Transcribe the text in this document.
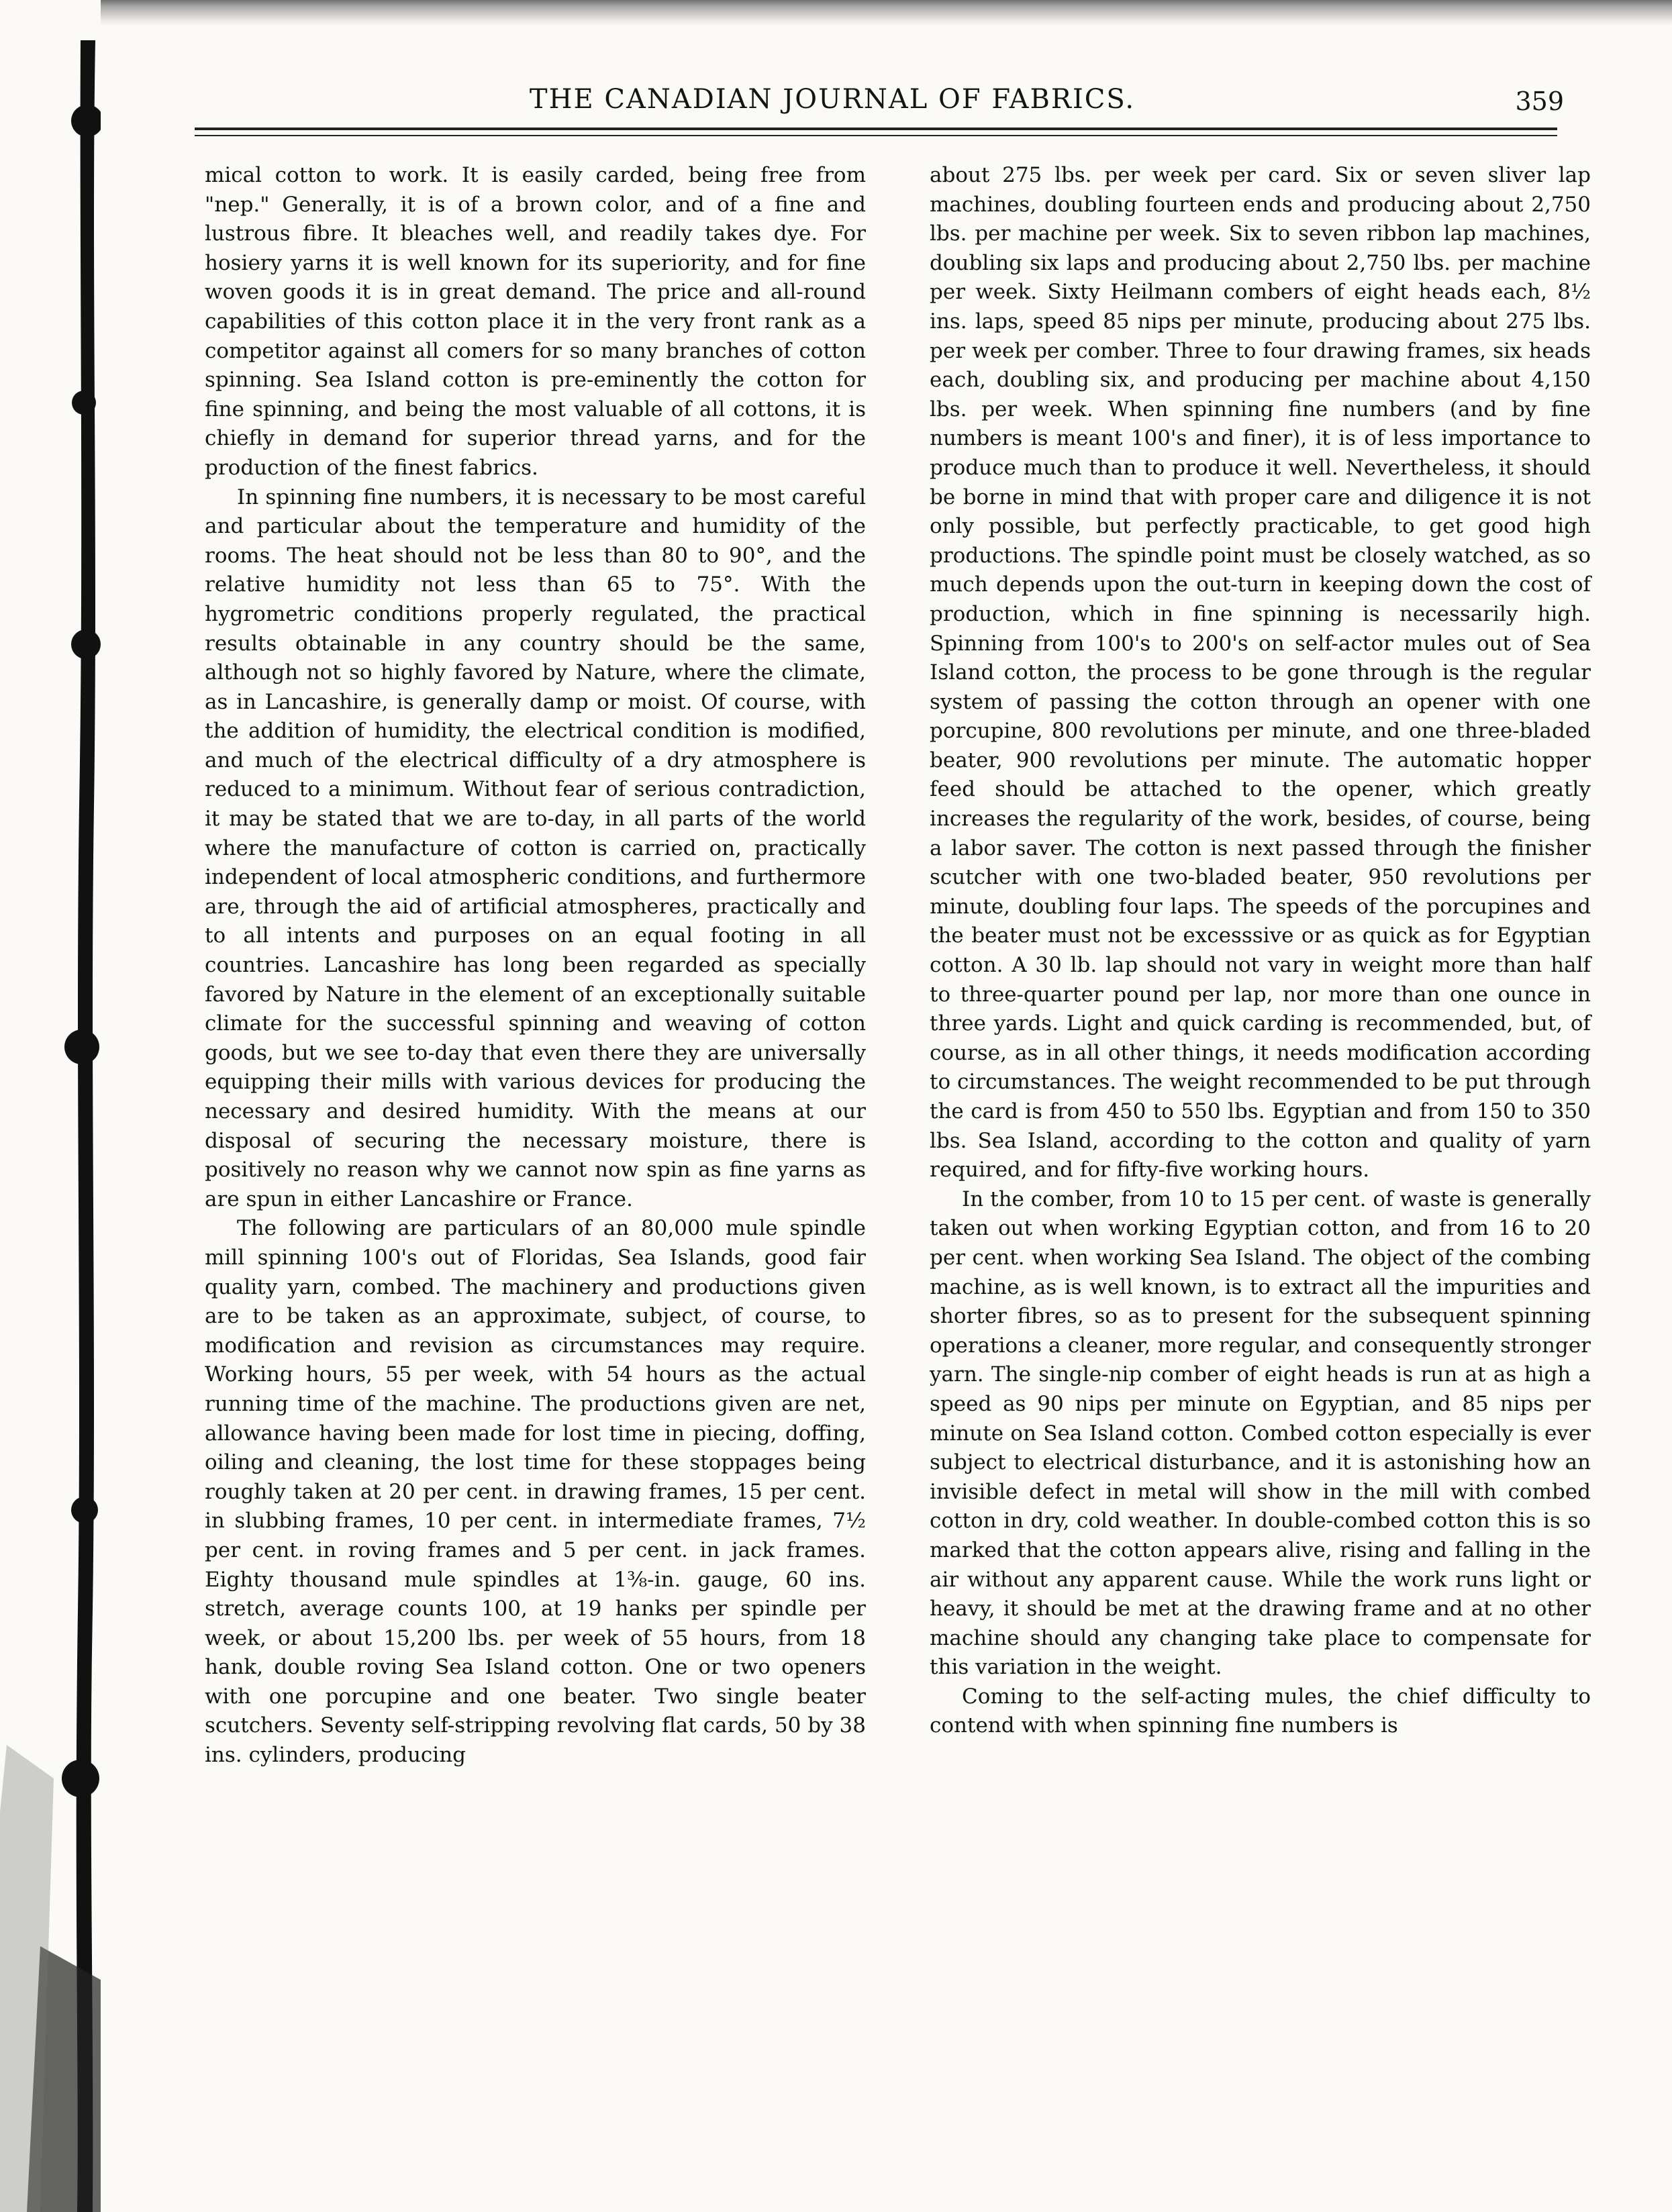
THE CANADIAN JOURNAL OF FABRICS.	359

mical cotton to work. It is easily carded, being free from "nep." Generally, it is of a brown color, and of a fine and lustrous fibre. It bleaches well, and readily takes dye. For hosiery yarns it is well known for its superiority, and for fine woven goods it is in great demand. The price and all-round capabilities of this cotton place it in the very front rank as a competitor against all comers for so many branches of cotton spinning. Sea Island cotton is pre-eminently the cotton for fine spinning, and being the most valuable of all cottons, it is chiefly in demand for superior thread yarns, and for the production of the finest fabrics.

In spinning fine numbers, it is necessary to be most careful and particular about the temperature and humidity of the rooms. The heat should not be less than 80 to 90°, and the relative humidity not less than 65 to 75°. With the hygrometric conditions properly regulated, the practical results obtainable in any country should be the same, although not so highly favored by Nature, where the climate, as in Lancashire, is generally damp or moist. Of course, with the addition of humidity, the electrical condition is modified, and much of the electrical difficulty of a dry atmosphere is reduced to a minimum. Without fear of serious contradiction, it may be stated that we are to-day, in all parts of the world where the manufacture of cotton is carried on, practically independent of local atmospheric conditions, and furthermore are, through the aid of artificial atmospheres, practically and to all intents and purposes on an equal footing in all countries. Lancashire has long been regarded as specially favored by Nature in the element of an exceptionally suitable climate for the successful spinning and weaving of cotton goods, but we see to-day that even there they are universally equipping their mills with various devices for producing the necessary and desired humidity. With the means at our disposal of securing the necessary moisture, there is positively no reason why we cannot now spin as fine yarns as are spun in either Lancashire or France.

The following are particulars of an 80,000 mule spindle mill spinning 100's out of Floridas, Sea Islands, good fair quality yarn, combed. The machinery and productions given are to be taken as an approximate, subject, of course, to modification and revision as circumstances may require. Working hours, 55 per week, with 54 hours as the actual running time of the machine. The productions given are net, allowance having been made for lost time in piecing, doffing, oiling and cleaning, the lost time for these stoppages being roughly taken at 20 per cent. in drawing frames, 15 per cent. in slubbing frames, 10 per cent. in intermediate frames, 7½ per cent. in roving frames and 5 per cent. in jack frames. Eighty thousand mule spindles at 1⅜-in. gauge, 60 ins. stretch, average counts 100, at 19 hanks per spindle per week, or about 15,200 lbs. per week of 55 hours, from 18 hank, double roving Sea Island cotton. One or two openers with one porcupine and one beater. Two single beater scutchers. Seventy self-stripping revolving flat cards, 50 by 38 ins. cylinders, producing

about 275 lbs. per week per card. Six or seven sliver lap machines, doubling fourteen ends and producing about 2,750 lbs. per machine per week. Six to seven ribbon lap machines, doubling six laps and producing about 2,750 lbs. per machine per week. Sixty Heilmann combers of eight heads each, 8½ ins. laps, speed 85 nips per minute, producing about 275 lbs. per week per comber. Three to four drawing frames, six heads each, doubling six, and producing per machine about 4,150 lbs. per week. When spinning fine numbers (and by fine numbers is meant 100's and finer), it is of less importance to produce much than to produce it well. Nevertheless, it should be borne in mind that with proper care and diligence it is not only possible, but perfectly practicable, to get good high productions. The spindle point must be closely watched, as so much depends upon the out-turn in keeping down the cost of production, which in fine spinning is necessarily high. Spinning from 100's to 200's on self-actor mules out of Sea Island cotton, the process to be gone through is the regular system of passing the cotton through an opener with one porcupine, 800 revolutions per minute, and one three-bladed beater, 900 revolutions per minute. The automatic hopper feed should be attached to the opener, which greatly increases the regularity of the work, besides, of course, being a labor saver. The cotton is next passed through the finisher scutcher with one two-bladed beater, 950 revolutions per minute, doubling four laps. The speeds of the porcupines and the beater must not be excesssive or as quick as for Egyptian cotton. A 30 lb. lap should not vary in weight more than half to three-quarter pound per lap, nor more than one ounce in three yards. Light and quick carding is recommended, but, of course, as in all other things, it needs modification according to circumstances. The weight recommended to be put through the card is from 450 to 550 lbs. Egyptian and from 150 to 350 lbs. Sea Island, according to the cotton and quality of yarn required, and for fifty-five working hours.

In the comber, from 10 to 15 per cent. of waste is generally taken out when working Egyptian cotton, and from 16 to 20 per cent. when working Sea Island. The object of the combing machine, as is well known, is to extract all the impurities and shorter fibres, so as to present for the subsequent spinning operations a cleaner, more regular, and consequently stronger yarn. The single-nip comber of eight heads is run at as high a speed as 90 nips per minute on Egyptian, and 85 nips per minute on Sea Island cotton. Combed cotton especially is ever subject to electrical disturbance, and it is astonishing how an invisible defect in metal will show in the mill with combed cotton in dry, cold weather. In double-combed cotton this is so marked that the cotton appears alive, rising and falling in the air without any apparent cause. While the work runs light or heavy, it should be met at the drawing frame and at no other machine should any changing take place to compensate for this variation in the weight.

Coming to the self-acting mules, the chief difficulty to contend with when spinning fine numbers is
